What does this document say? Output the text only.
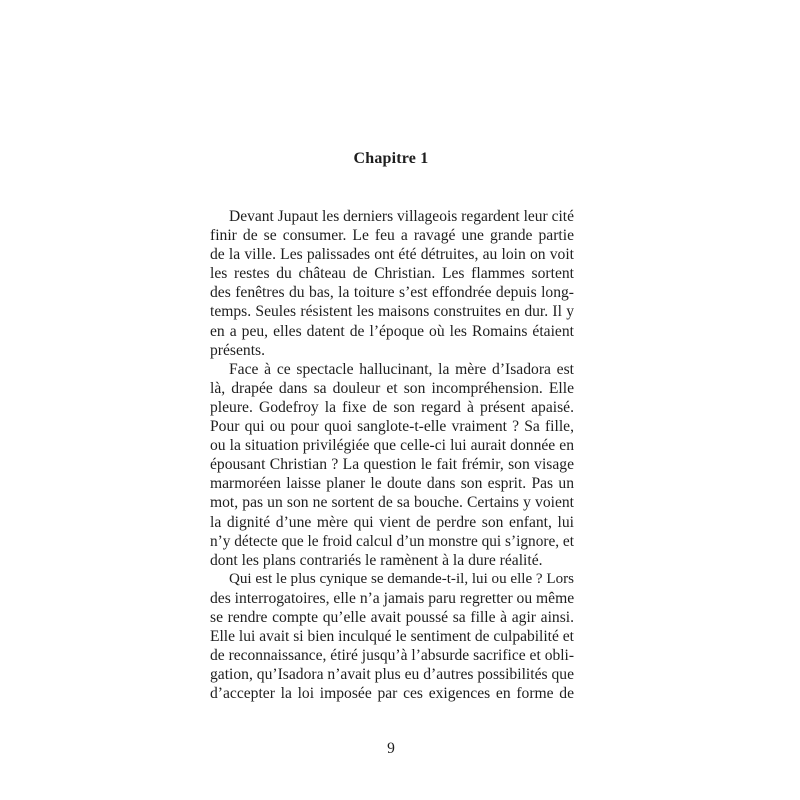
Chapitre 1
Devant Jupaut les derniers villageois regardent leur cité
finir de se consumer. Le feu a ravagé une grande partie
de la ville. Les palissades ont été détruites, au loin on voit
les restes du château de Christian. Les flammes sortent
des fenêtres du bas, la toiture s’est effondrée depuis long-
temps. Seules résistent les maisons construites en dur. Il y
en a peu, elles datent de l’époque où les Romains étaient
présents.
Face à ce spectacle hallucinant, la mère d’Isadora est
là, drapée dans sa douleur et son incompréhension. Elle
pleure. Godefroy la fixe de son regard à présent apaisé.
Pour qui ou pour quoi sanglote-t-elle vraiment ? Sa fille,
ou la situation privilégiée que celle-ci lui aurait donnée en
épousant Christian ? La question le fait frémir, son visage
marmoréen laisse planer le doute dans son esprit. Pas un
mot, pas un son ne sortent de sa bouche. Certains y voient
la dignité d’une mère qui vient de perdre son enfant, lui
n’y détecte que le froid calcul d’un monstre qui s’ignore, et
dont les plans contrariés le ramènent à la dure réalité.
Qui est le plus cynique se demande-t-il, lui ou elle ? Lors
des interrogatoires, elle n’a jamais paru regretter ou même
se rendre compte qu’elle avait poussé sa fille à agir ainsi.
Elle lui avait si bien inculqué le sentiment de culpabilité et
de reconnaissance, étiré jusqu’à l’absurde sacrifice et obli-
gation, qu’Isadora n’avait plus eu d’autres possibilités que
d’accepter la loi imposée par ces exigences en forme de
9
